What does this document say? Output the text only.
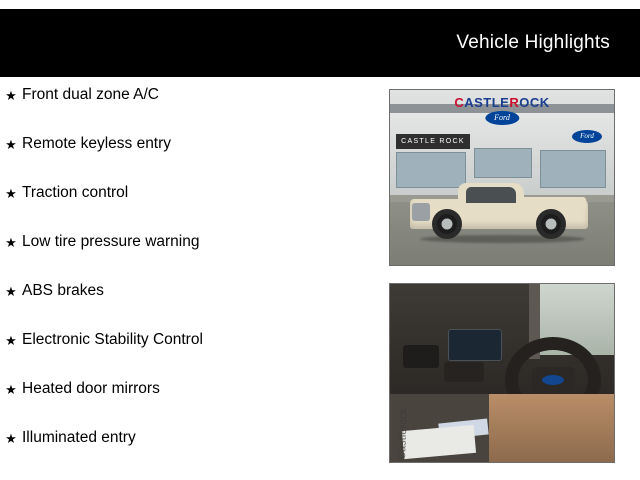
Vehicle Highlights
★ Front dual zone A/C
★ Remote keyless entry
★ Traction control
★ Low tire pressure warning
★ ABS brakes
★ Electronic Stability Control
★ Heated door mirrors
★ Illuminated entry
CASTLEROCK
Ford
CASTLE ROCK
Ford
Castlerock
